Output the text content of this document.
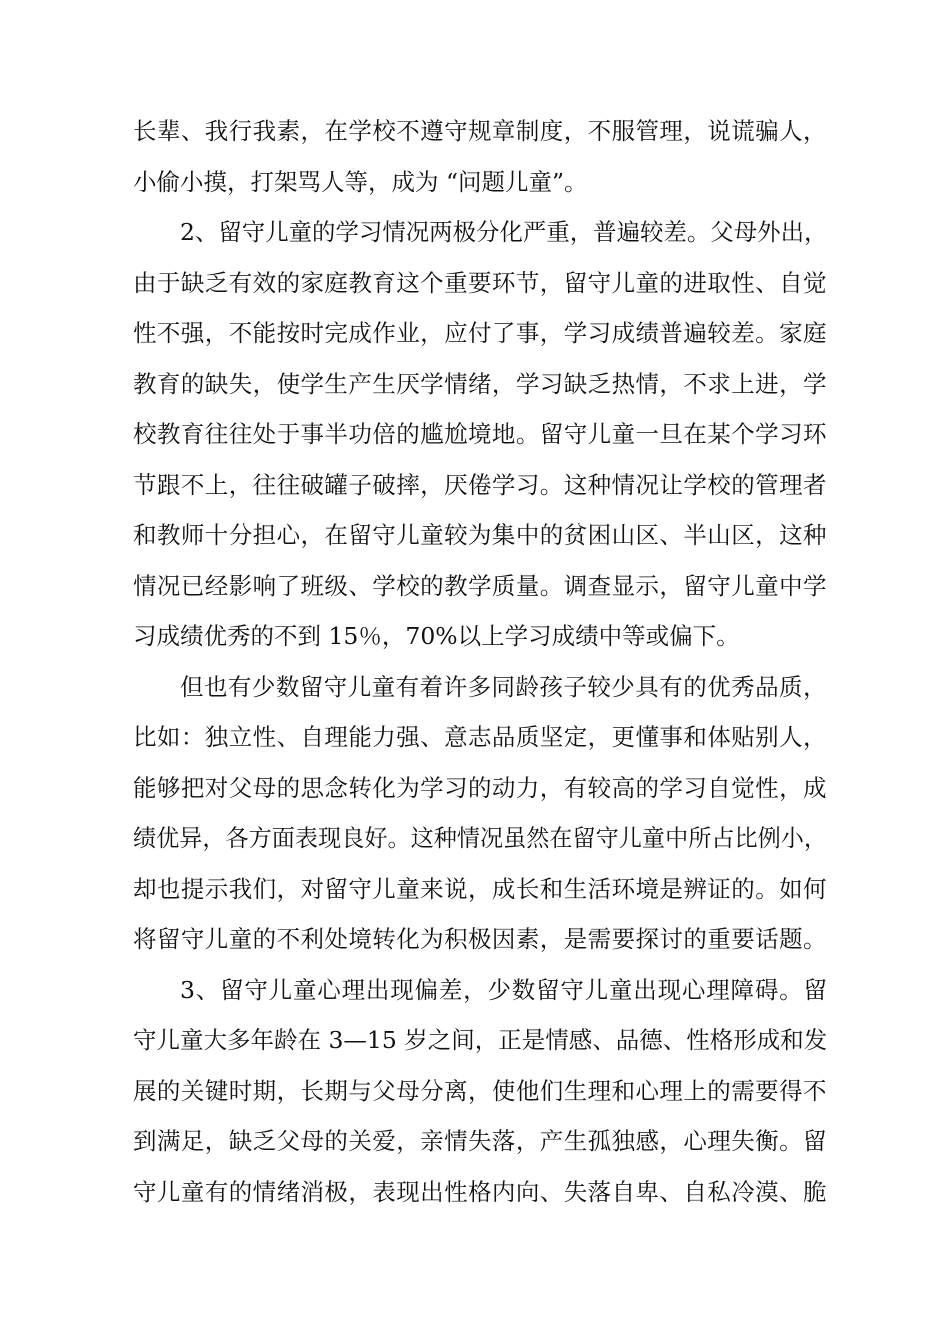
长辈、我行我素，在学校不遵守规章制度，不服管理，说谎骗人，
小偷小摸，打架骂人等，成为 “问题儿童”。
2、留守儿童的学习情况两极分化严重，普遍较差。父母外出，
由于缺乏有效的家庭教育这个重要环节，留守儿童的进取性、自觉
性不强，不能按时完成作业，应付了事，学习成绩普遍较差。家庭
教育的缺失，使学生产生厌学情绪，学习缺乏热情，不求上进，学
校教育往往处于事半功倍的尴尬境地。留守儿童一旦在某个学习环
节跟不上，往往破罐子破摔，厌倦学习。这种情况让学校的管理者
和教师十分担心，在留守儿童较为集中的贫困山区、半山区，这种
情况已经影响了班级、学校的教学质量。调查显示，留守儿童中学
习成绩优秀的不到 15％，70%以上学习成绩中等或偏下。
但也有少数留守儿童有着许多同龄孩子较少具有的优秀品质，
比如：独立性、自理能力强、意志品质坚定，更懂事和体贴别人，
能够把对父母的思念转化为学习的动力，有较高的学习自觉性，成
绩优异，各方面表现良好。这种情况虽然在留守儿童中所占比例小，
却也提示我们，对留守儿童来说，成长和生活环境是辨证的。如何
将留守儿童的不利处境转化为积极因素，是需要探讨的重要话题。
3、留守儿童心理出现偏差，少数留守儿童出现心理障碍。留
守儿童大多年龄在 3—15 岁之间，正是情感、品德、性格形成和发
展的关键时期，长期与父母分离，使他们生理和心理上的需要得不
到满足，缺乏父母的关爱，亲情失落，产生孤独感，心理失衡。留
守儿童有的情绪消极，表现出性格内向、失落自卑、自私冷漠、脆
